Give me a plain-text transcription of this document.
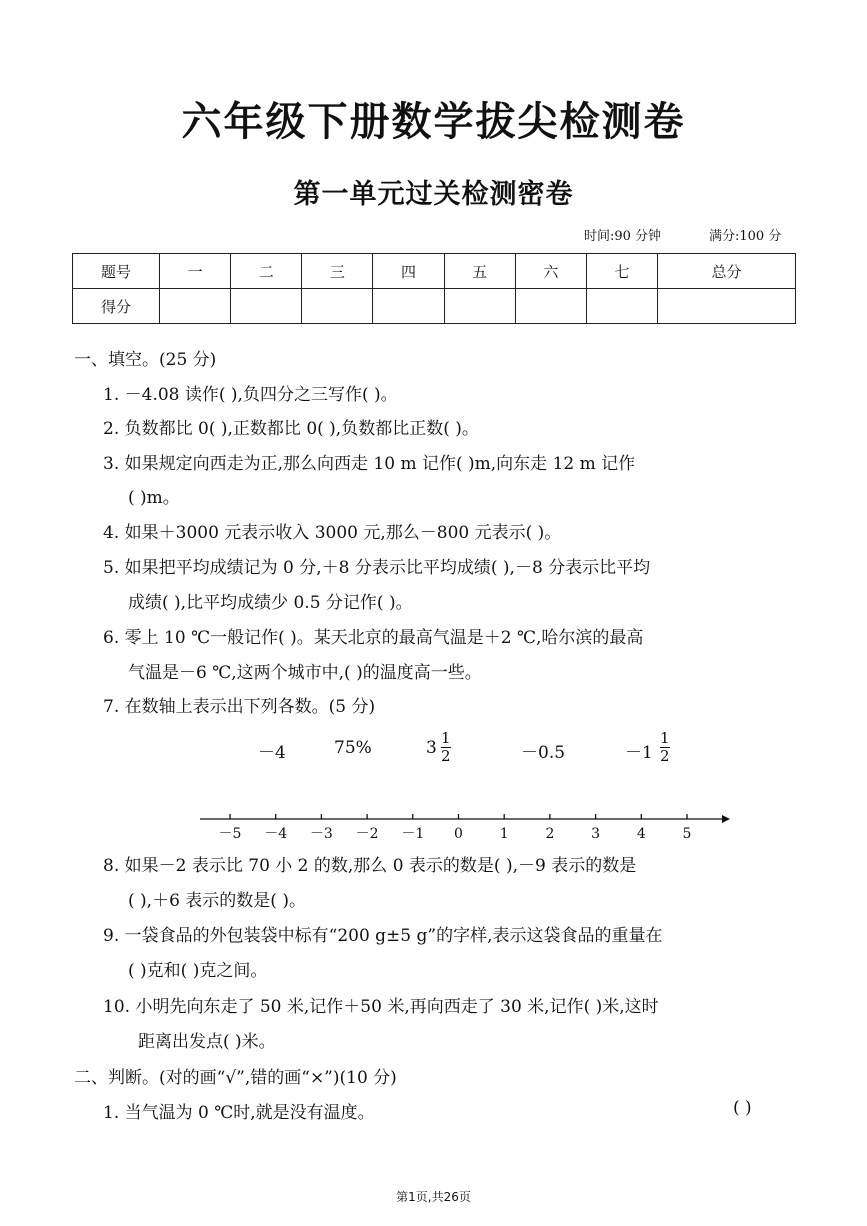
六年级下册数学拔尖检测卷
第一单元过关检测密卷
时间:90 分钟	满分:100 分
题号	一	二	三	四	五	六	七	总分
得分								
一、填空。(25 分)
1. －4.08 读作( ),负四分之三写作( )。
2. 负数都比 0( ),正数都比 0( ),负数都比正数( )。
3. 如果规定向西走为正,那么向西走 10 m 记作( )m,向东走 12 m 记作
( )m。
4. 如果＋3000 元表示收入 3000 元,那么－800 元表示( )。
5. 如果把平均成绩记为 0 分,＋8 分表示比平均成绩( ),－8 分表示比平均
成绩( ),比平均成绩少 0.5 分记作( )。
6. 零上 10 ℃一般记作( )。某天北京的最高气温是＋2 ℃,哈尔滨的最高
气温是－6 ℃,这两个城市中,( )的温度高一些。
7. 在数轴上表示出下列各数。(5 分)
－4	75%	$3 \frac{1}{2}$	－0.5	$-1 \frac{1}{2}$
－5 －4 －3 －2 －1 0	1	2	3	4	5
8. 如果－2 表示比 70 小 2 的数,那么 0 表示的数是( ),－9 表示的数是
( ),＋6 表示的数是( )。
9. 一袋食品的外包装袋中标有“200 g±5 g”的字样,表示这袋食品的重量在
( )克和( )克之间。
10. 小明先向东走了 50 米,记作＋50 米,再向西走了 30 米,记作( )米,这时
距离出发点( )米。
二、判断。(对的画“√”,错的画“×”)(10 分)
1. 当气温为 0 ℃时,就是没有温度。	( )
第1页,共26页
